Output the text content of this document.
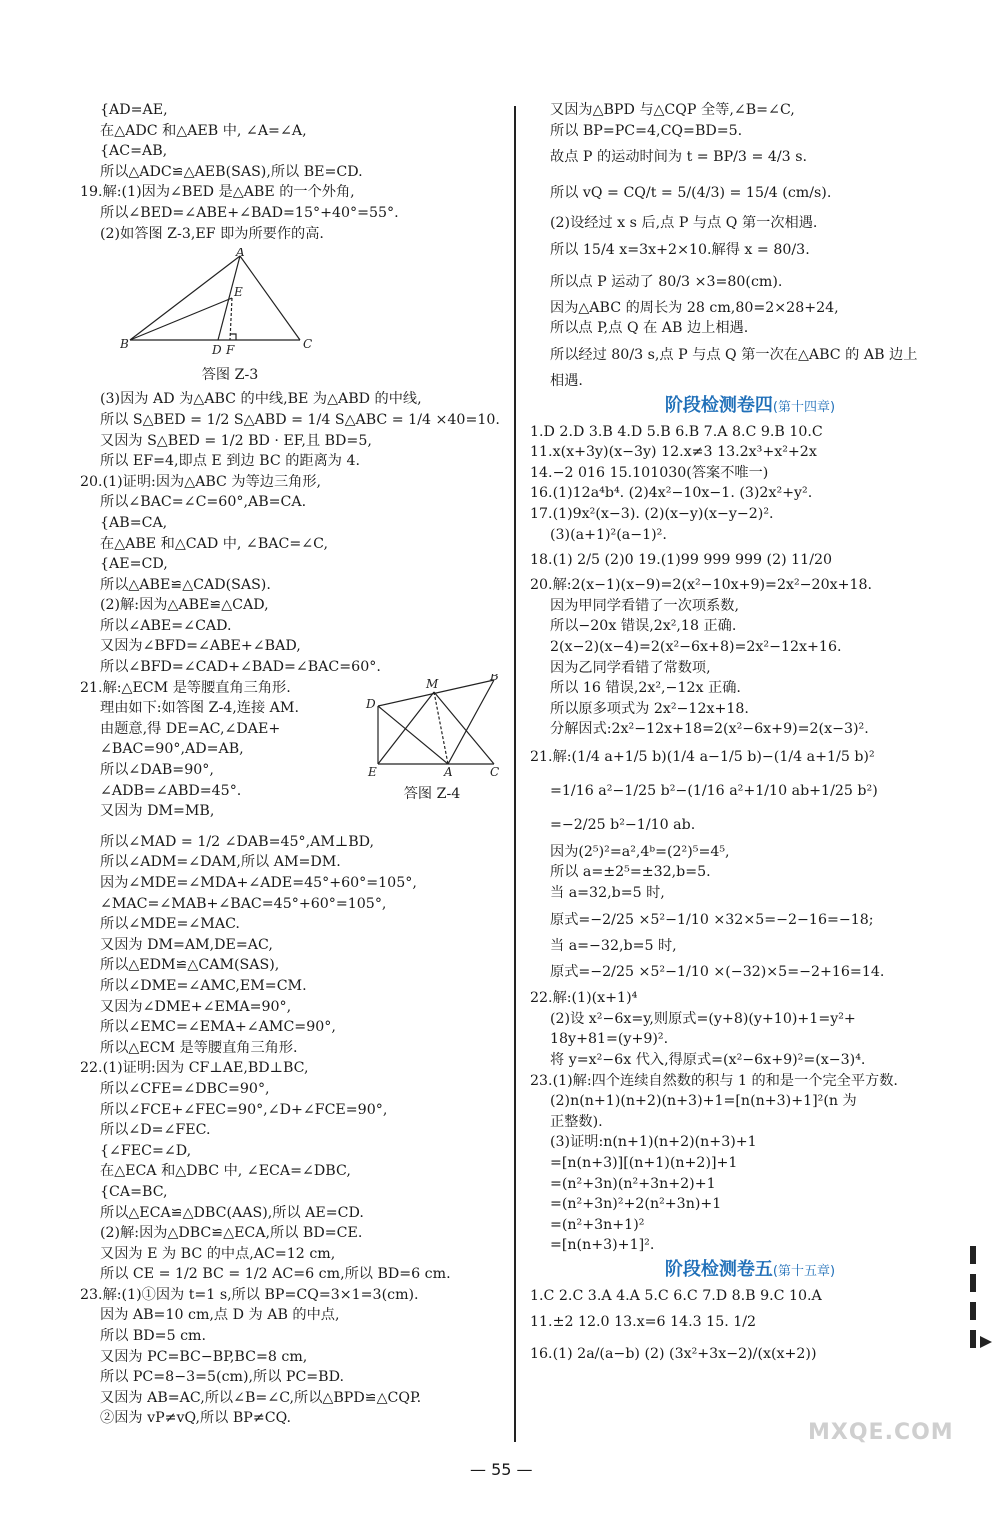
{AD=AE,
在△ADC 和△AEB 中, ∠A=∠A,
{AC=AB,
所以△ADC≌△AEB(SAS),所以 BE=CD.
19.解:(1)因为∠BED 是△ABE 的一个外角,
所以∠BED=∠ABE+∠BAD=15°+40°=55°.
(2)如答图 Z-3,EF 即为所要作的高.
A
E
B	D F	C
答图 Z-3
(3)因为 AD 为△ABC 的中线,BE 为△ABD 的中线,
所以 S△BED = 1/2 S△ABD = 1/4 S△ABC = 1/4 ×40=10.
又因为 S△BED = 1/2 BD · EF,且 BD=5,
所以 EF=4,即点 E 到边 BC 的距离为 4.
20.(1)证明:因为△ABC 为等边三角形,
所以∠BAC=∠C=60°,AB=CA.
{AB=CA,
在△ABE 和△CAD 中, ∠BAC=∠C,
{AE=CD,
所以△ABE≌△CAD(SAS).
(2)解:因为△ABE≌△CAD,
所以∠ABE=∠CAD.
又因为∠BFD=∠ABE+∠BAD,
所以∠BFD=∠CAD+∠BAD=∠BAC=60°.
21.解:△ECM 是等腰直角三角形.
理由如下:如答图 Z-4,连接 AM.
由题意,得 DE=AC,∠DAE+
∠BAC=90°,AD=AB,
所以∠DAB=90°,
∠ADB=∠ABD=45°.
又因为 DM=MB,
M
B
D
E	A	C
答图 Z-4
所以∠MAD = 1/2 ∠DAB=45°,AM⊥BD,
所以∠ADM=∠DAM,所以 AM=DM.
因为∠MDE=∠MDA+∠ADE=45°+60°=105°,
∠MAC=∠MAB+∠BAC=45°+60°=105°,
所以∠MDE=∠MAC.
又因为 DM=AM,DE=AC,
所以△EDM≌△CAM(SAS),
所以∠DME=∠AMC,EM=CM.
又因为∠DME+∠EMA=90°,
所以∠EMC=∠EMA+∠AMC=90°,
所以△ECM 是等腰直角三角形.
22.(1)证明:因为 CF⊥AE,BD⊥BC,
所以∠CFE=∠DBC=90°,
所以∠FCE+∠FEC=90°,∠D+∠FCE=90°,
所以∠D=∠FEC.
{∠FEC=∠D,
在△ECA 和△DBC 中, ∠ECA=∠DBC,
{CA=BC,
所以△ECA≌△DBC(AAS),所以 AE=CD.
(2)解:因为△DBC≌△ECA,所以 BD=CE.
又因为 E 为 BC 的中点,AC=12 cm,
所以 CE = 1/2 BC = 1/2 AC=6 cm,所以 BD=6 cm.
23.解:(1)①因为 t=1 s,所以 BP=CQ=3×1=3(cm).
因为 AB=10 cm,点 D 为 AB 的中点,
所以 BD=5 cm.
又因为 PC=BC−BP,BC=8 cm,
所以 PC=8−3=5(cm),所以 PC=BD.
又因为 AB=AC,所以∠B=∠C,所以△BPD≌△CQP.
②因为 vP≠vQ,所以 BP≠CQ.
又因为△BPD 与△CQP 全等,∠B=∠C,
所以 BP=PC=4,CQ=BD=5.
故点 P 的运动时间为 t = BP/3 = 4/3 s.
所以 vQ = CQ/t = 5/(4/3) = 15/4 (cm/s).
(2)设经过 x s 后,点 P 与点 Q 第一次相遇.
所以 15/4 x=3x+2×10.解得 x = 80/3.
所以点 P 运动了 80/3 ×3=80(cm).
因为△ABC 的周长为 28 cm,80=2×28+24,
所以点 P,点 Q 在 AB 边上相遇.
所以经过 80/3 s,点 P 与点 Q 第一次在△ABC 的 AB 边上
相遇.
阶段检测卷四(第十四章)
1.D 2.D 3.B 4.D 5.B 6.B 7.A 8.C 9.B 10.C
11.x(x+3y)(x−3y) 12.x≠3 13.2x³+x²+2x
14.−2 016 15.101030(答案不唯一)
16.(1)12a⁴b⁴. (2)4x²−10x−1. (3)2x²+y².
17.(1)9x²(x−3). (2)(x−y)(x−y−2)².
(3)(a+1)²(a−1)².
18.(1) 2/5 (2)0 19.(1)99 999 999 (2) 11/20
20.解:2(x−1)(x−9)=2(x²−10x+9)=2x²−20x+18.
因为甲同学看错了一次项系数,
所以−20x 错误,2x²,18 正确.
2(x−2)(x−4)=2(x²−6x+8)=2x²−12x+16.
因为乙同学看错了常数项,
所以 16 错误,2x²,−12x 正确.
所以原多项式为 2x²−12x+18.
分解因式:2x²−12x+18=2(x²−6x+9)=2(x−3)².
21.解:(1/4 a+1/5 b)(1/4 a−1/5 b)−(1/4 a+1/5 b)²
=1/16 a²−1/25 b²−(1/16 a²+1/10 ab+1/25 b²)
=−2/25 b²−1/10 ab.
因为(2⁵)²=a²,4ᵇ=(2²)⁵=4⁵,
所以 a=±2⁵=±32,b=5.
当 a=32,b=5 时,
原式=−2/25 ×5²−1/10 ×32×5=−2−16=−18;
当 a=−32,b=5 时,
原式=−2/25 ×5²−1/10 ×(−32)×5=−2+16=14.
22.解:(1)(x+1)⁴
(2)设 x²−6x=y,则原式=(y+8)(y+10)+1=y²+
18y+81=(y+9)².
将 y=x²−6x 代入,得原式=(x²−6x+9)²=(x−3)⁴.
23.(1)解:四个连续自然数的积与 1 的和是一个完全平方数.
(2)n(n+1)(n+2)(n+3)+1=[n(n+3)+1]²(n 为
正整数).
(3)证明:n(n+1)(n+2)(n+3)+1
=[n(n+3)][(n+1)(n+2)]+1
=(n²+3n)(n²+3n+2)+1
=(n²+3n)²+2(n²+3n)+1
=(n²+3n+1)²
=[n(n+3)+1]².
阶段检测卷五(第十五章)
1.C 2.C 3.A 4.A 5.C 6.C 7.D 8.B 9.C 10.A
11.±2 12.0 13.x=6 14.3 15. 1/2
16.(1) 2a/(a−b) (2) (3x²+3x−2)/(x(x+2))
— 55 —
MXQE.COM
